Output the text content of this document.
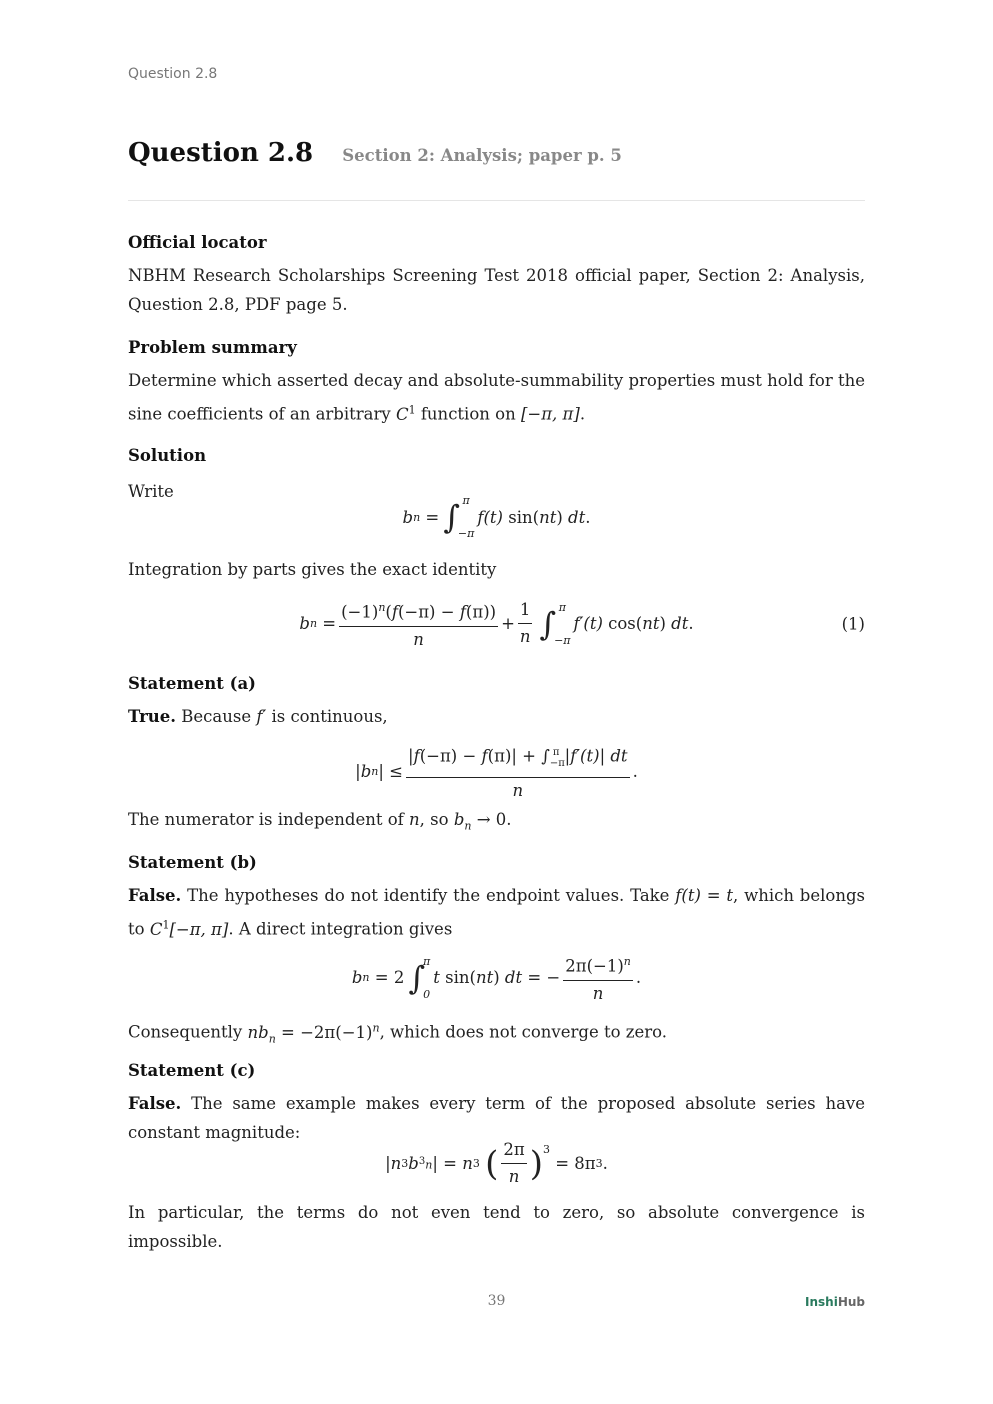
Question 2.8
Question 2.8 Section 2: Analysis; paper p. 5
Official locator
NBHM Research Scholarships Screening Test 2018 official paper, Section 2: Analysis, Question 2.8, PDF page 5.
Problem summary
Determine which asserted decay and absolute-summability properties must hold for the sine coefficients of an arbitrary $C^1$ function on [−π, π].
Solution
Write
b n
= ∫ π
−π
f(t) sin( nt ) dt .
Integration by parts gives the exact identity
b n
= $\frac{(-1)^n(f(-\pi) - f(\pi))}{n} + \frac{1}{n}$ ∫ π
−π
f′(t) cos( nt ) dt .	(1)
Statement (a)
True. Because f′ is continuous,
| b n | ≤ $\frac{|f(-\pi) - f(\pi)| + \int_{-\pi}^\pi |f'(t)| dt}{n}$ .
The numerator is independent of n, so $b_n \to 0$.
Statement (b)
False. The hypotheses do not identify the endpoint values. Take f(t) = t, which belongs to $C^1[-\pi$, π]. A direct integration gives
b n
= 2 ∫
π
0
t sin( nt ) dt = − $\frac{2\pi(-1)^n}{n}$ .
Consequently $nb_n = -2\pi(-1)^n$, which does not converge to zero.
Statement (c)
False. The same example makes every term of the proposed absolute series have constant magnitude:
| n 3 b $^3$n | = n 3
( $\frac{2\pi}{n} )^3$
= 8π 3 .
In particular, the terms do not even tend to zero, so absolute convergence is impossible.
39	InshiHub
